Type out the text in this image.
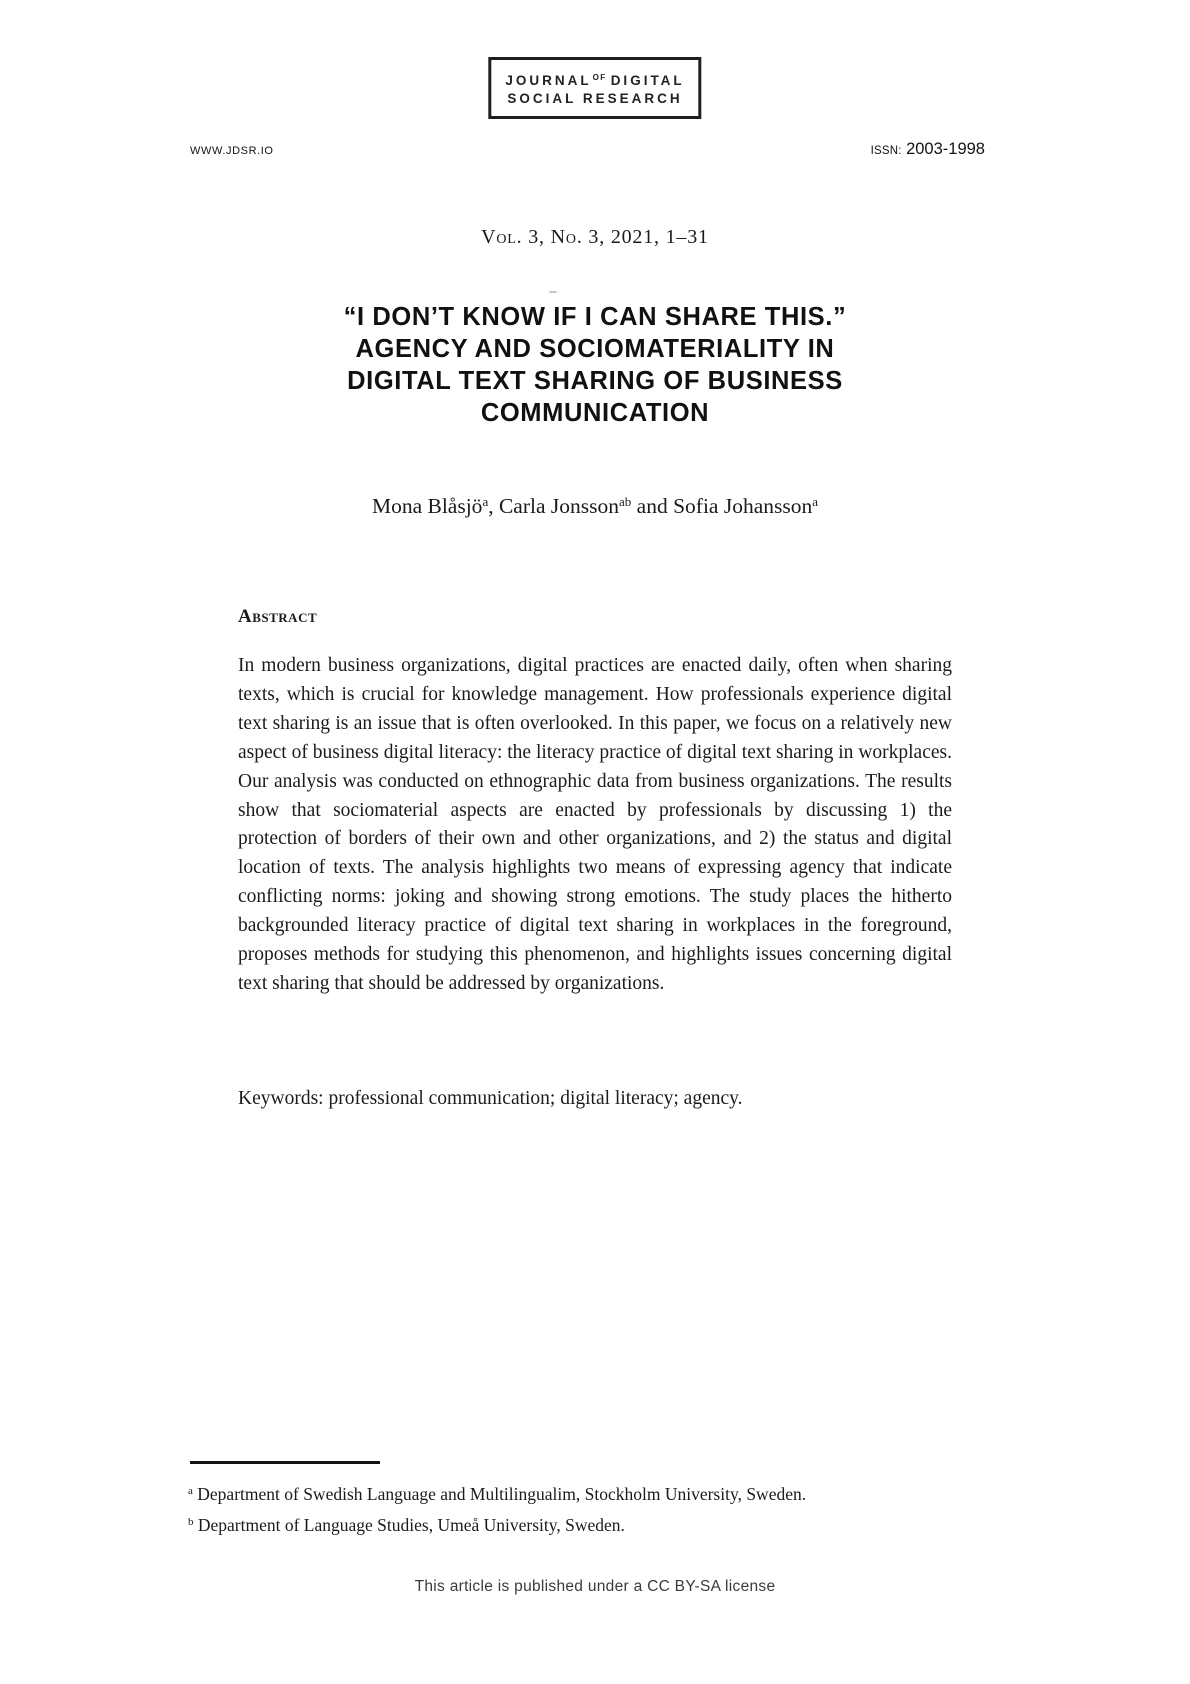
$JOURNAL^{OF}$ DIGITAL
SOCIAL RESEARCH
WWW.JDSR.IO	ISSN: 2003-1998
Vol. 3, No. 3, 2021, 1–31
“I DON’T KNOW IF I CAN SHARE THIS.”
AGENCY AND SOCIOMATERIALITY IN
DIGITAL TEXT SHARING OF BUSINESS
COMMUNICATION
Mona Blåsjö$^a$, Carla Jonsson$^{ab}$ and Sofia Johansson$^a$
Abstract
In modern business organizations, digital practices are enacted daily, often when sharing texts, which is crucial for knowledge management. How professionals experience digital text sharing is an issue that is often overlooked. In this paper, we focus on a relatively new aspect of business digital literacy: the literacy practice of digital text sharing in workplaces. Our analysis was conducted on ethnographic data from business organizations. The results show that sociomaterial aspects are enacted by professionals by discussing 1) the protection of borders of their own and other organizations, and 2) the status and digital location of texts. The analysis highlights two means of expressing agency that indicate conflicting norms: joking and showing strong emotions. The study places the hitherto backgrounded literacy practice of digital text sharing in workplaces in the foreground, proposes methods for studying this phenomenon, and highlights issues concerning digital text sharing that should be addressed by organizations.
Keywords: professional communication; digital literacy; agency.
$^a$ Department of Swedish Language and Multilingualim, Stockholm University, Sweden.
$^b$ Department of Language Studies, Umeå University, Sweden.
This article is published under a CC BY-SA license
